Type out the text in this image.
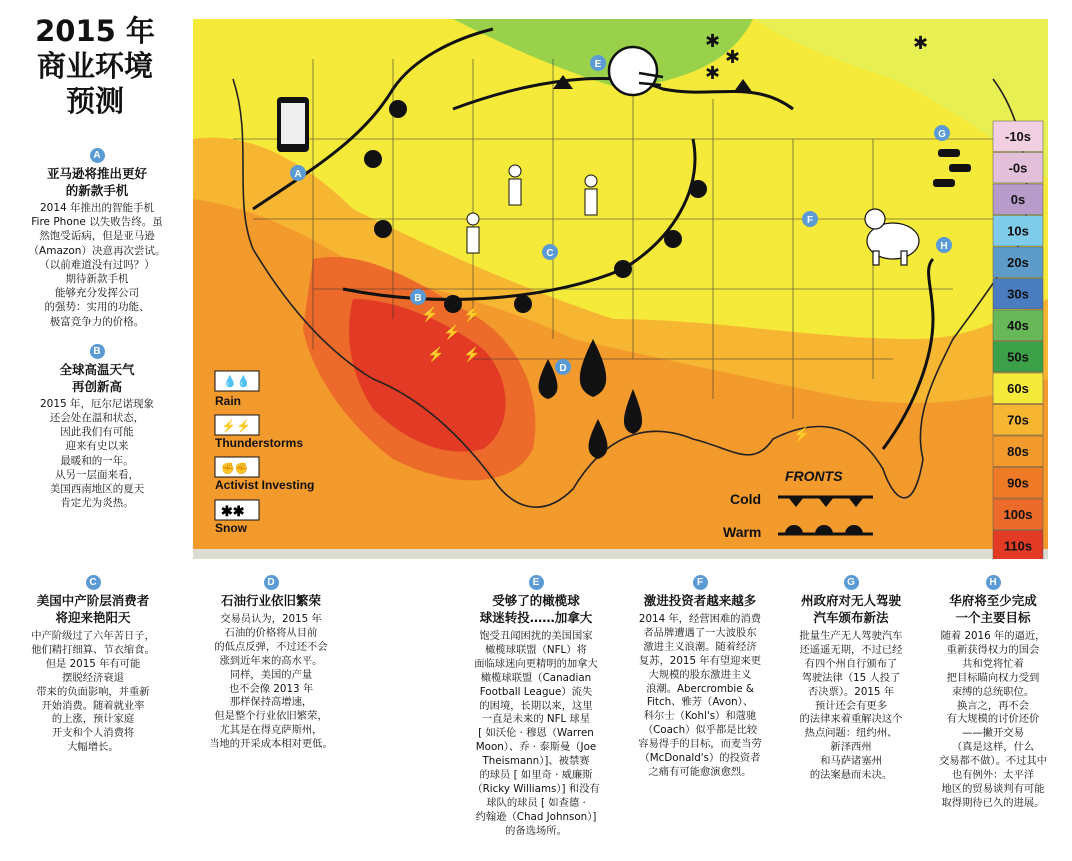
2015 年
商业环境
预测
A
亚马逊将推出更好
的新款手机
2014 年推出的智能手机
Fire Phone 以失败告终。虽
然饱受诟病，但是亚马逊
（Amazon）决意再次尝试。
（以前难道没有过吗？）
期待新款手机
能够充分发挥公司
的强势：实用的功能、
极富竞争力的价格。
B
全球高温天气
再创新高
2015 年，厄尔尼诺现象
还会处在温和状态，
因此我们有可能
迎来有史以来
最暖和的一年。
从另一层面来看，
美国西南地区的夏天
肯定尤为炎热。
✱
✱
✱
✱
⚡
⚡
⚡
⚡
⚡
⚡
A
B
C
D
E
F
G
H
💧💧
Rain
⚡⚡
Thunderstorms
✊✊
Activist Investing
✱✱
Snow
FRONTS
Cold
Warm
-10s
-0s
0s
10s
20s
30s
40s
50s
60s
70s
80s
90s
100s
110s
C
美国中产阶层消费者
将迎来艳阳天
中产阶级过了六年苦日子，
他们精打细算、节衣缩食。
但是 2015 年有可能
摆脱经济衰退
带来的负面影响，并重新
开始消费。随着就业率
的上涨，预计家庭
开支和个人消费将
大幅增长。
D
石油行业依旧繁荣
交易员认为，2015 年
石油的价格将从目前
的低点反弹，不过还不会
涨到近年来的高水平。
同样，美国的产量
也不会像 2013 年
那样保持高增速，
但是整个行业依旧繁荣，
尤其是在得克萨斯州，
当地的开采成本相对更低。
E
受够了的橄榄球
球迷转投……加拿大
饱受丑闻困扰的美国国家
橄榄球联盟（NFL）将
面临球迷向更精明的加拿大
橄榄球联盟（Canadian
Football League）流失
的困境，长期以来，这里
一直是未来的 NFL 球星
[ 如沃伦 · 穆恩（Warren
Moon）、乔 · 泰斯曼（Joe
Theismann）]、被禁赛
的球员 [ 如里奇 · 威廉斯
（Ricky Williams）] 和没有
球队的球员 [ 如查德 ·
约翰逊（Chad Johnson）]
的备选场所。
F
激进投资者越来越多
2014 年，经营困难的消费
者品牌遭遇了一大波股东
激进主义浪潮。随着经济
复苏，2015 年有望迎来更
大规模的股东激进主义
浪潮。Abercrombie &
Fitch、雅芳（Avon）、
科尔士（Kohl's）和蔻驰
（Coach）似乎都是比较
容易得手的目标，而麦当劳
（McDonald's）的投资者
之痛有可能愈演愈烈。
G
州政府对无人驾驶
汽车颁布新法
批量生产无人驾驶汽车
还遥遥无期，不过已经
有四个州自行颁布了
驾驶法律（15 人投了
否决票）。2015 年
预计还会有更多
的法律来着重解决这个
热点问题：纽约州、
新泽西州
和马萨诸塞州
的法案悬而未决。
H
华府将至少完成
一个主要目标
随着 2016 年的逼近，
重新获得权力的国会
共和党将忙着
把目标瞄向权力受到
束缚的总统职位。
换言之，再不会
有大规模的讨价还价
——撇开交易
（真是这样，什么
交易都不做）。不过其中
也有例外：太平洋
地区的贸易谈判有可能
取得期待已久的进展。
